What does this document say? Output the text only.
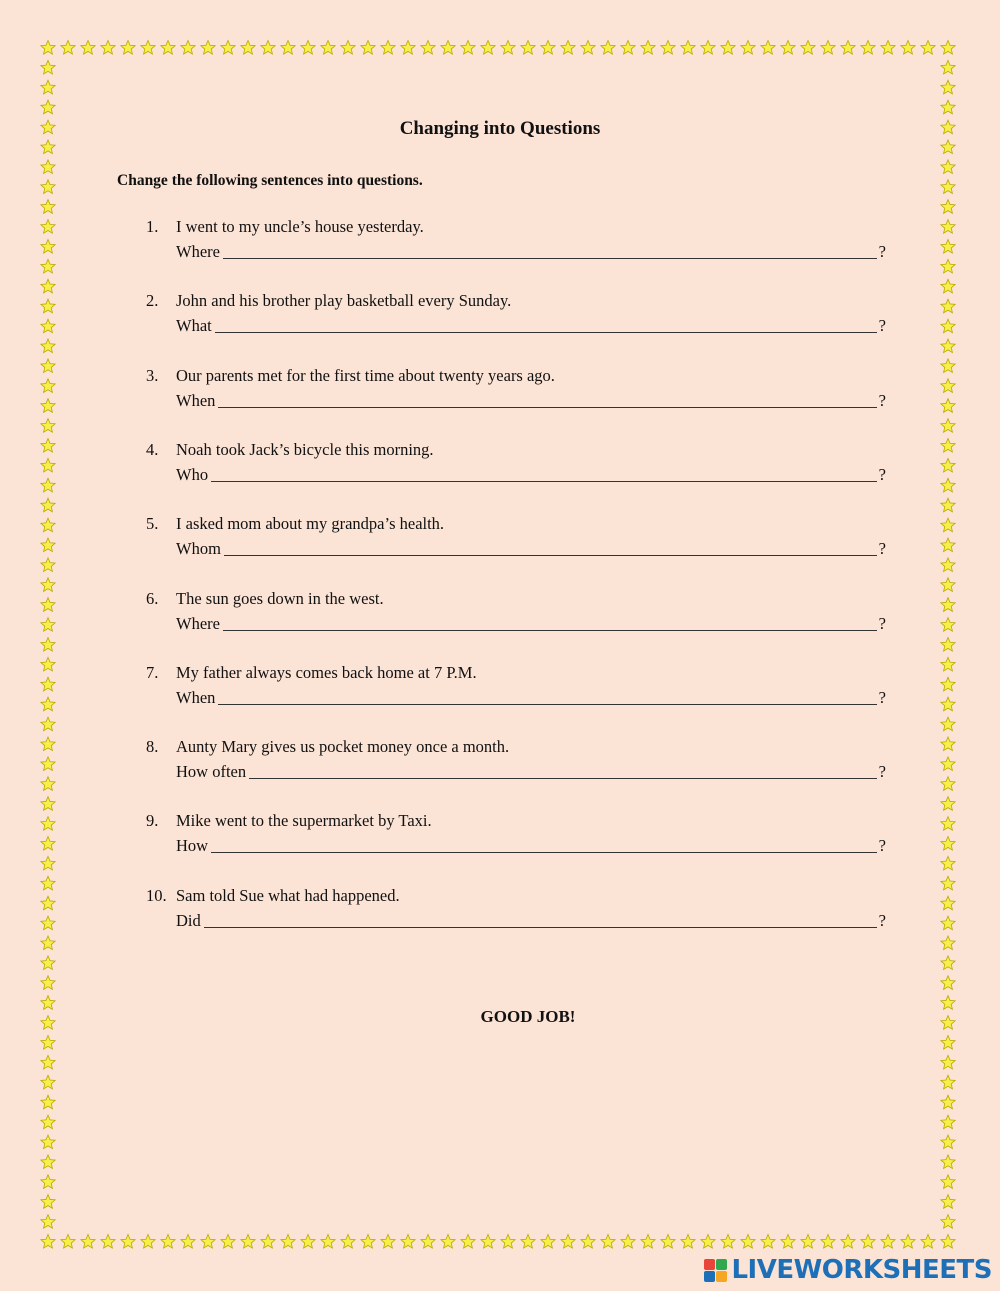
Changing into Questions
Change the following sentences into questions.
1.	I went to my uncle’s house yesterday.
Where	?
2.	John and his brother play basketball every Sunday.
What	?
3.	Our parents met for the first time about twenty years ago.
When	?
4.	Noah took Jack’s bicycle this morning.
Who	?
5.	I asked mom about my grandpa’s health.
Whom	?
6.	The sun goes down in the west.
Where	?
7.	My father always comes back home at 7 P.M.
When	?
8.	Aunty Mary gives us pocket money once a month.
How often	?
9.	Mike went to the supermarket by Taxi.
How	?
10. Sam told Sue what had happened.
Did	?
GOOD JOB!
LIVEWORKSHEETS
